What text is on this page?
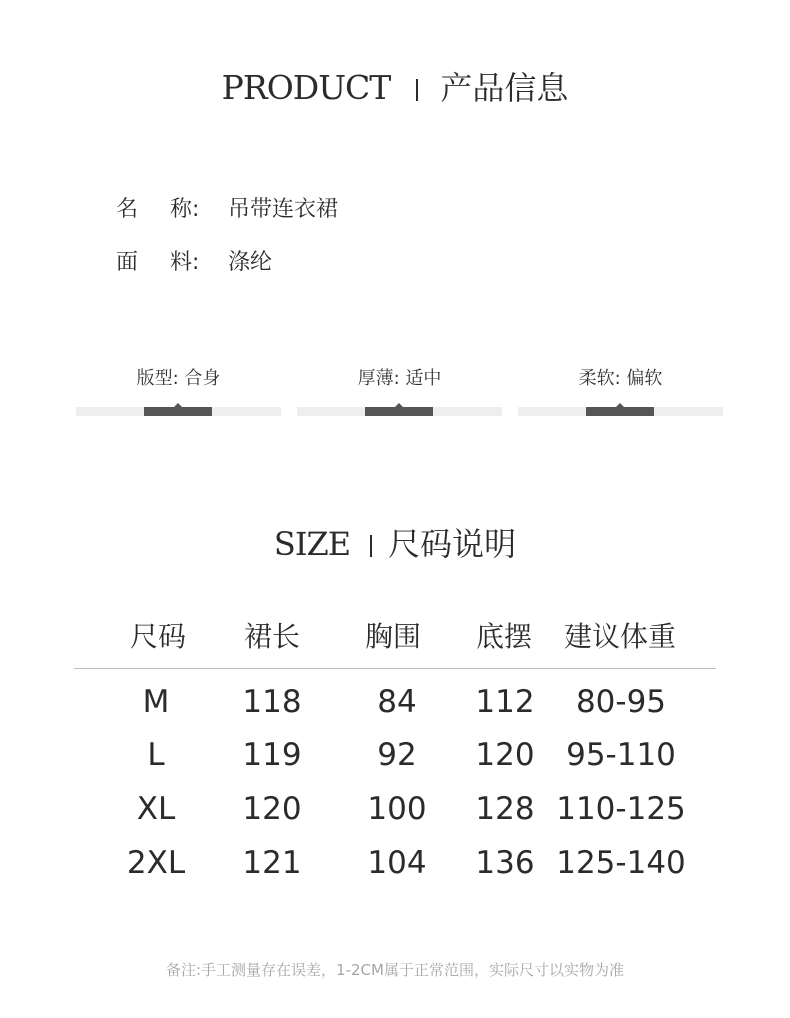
PRODUCT 产品信息
名 称: 吊带连衣裙
面 料: 涤纶
版型: 合身	厚薄: 适中	柔软: 偏软
SIZE 尺码说明
尺码	裙长	胸围	底摆	建议体重
M	118	84	112	80-95
L	119	92	120	95-110
XL	120	100	128 110-125
2XL	121	104	136 125-140
备注:手工测量存在误差，1-2CM属于正常范围，实际尺寸以实物为准
